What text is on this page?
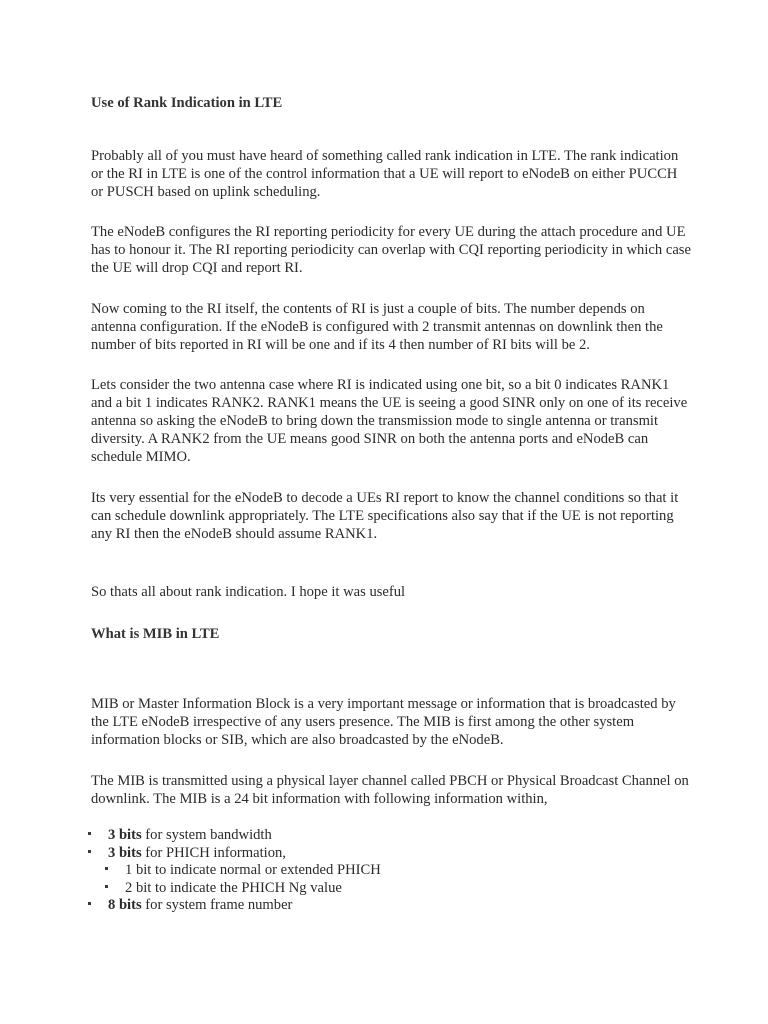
Use of Rank Indication in LTE

Probably all of you must have heard of something called rank indication in LTE. The rank indication or the RI in LTE is one of the control information that a UE will report to eNodeB on either PUCCH or PUSCH based on uplink scheduling.

The eNodeB configures the RI reporting periodicity for every UE during the attach procedure and UE has to honour it. The RI reporting periodicity can overlap with CQI reporting periodicity in which case the UE will drop CQI and report RI.

Now coming to the RI itself, the contents of RI is just a couple of bits. The number depends on antenna configuration. If the eNodeB is configured with 2 transmit antennas on downlink then the number of bits reported in RI will be one and if its 4 then number of RI bits will be 2.

Lets consider the two antenna case where RI is indicated using one bit, so a bit 0 indicates RANK1 and a bit 1 indicates RANK2. RANK1 means the UE is seeing a good SINR only on one of its receive antenna so asking the eNodeB to bring down the transmission mode to single antenna or transmit diversity. A RANK2 from the UE means good SINR on both the antenna ports and eNodeB can schedule MIMO.

Its very essential for the eNodeB to decode a UEs RI report to know the channel conditions so that it can schedule downlink appropriately. The LTE specifications also say that if the UE is not reporting any RI then the eNodeB should assume RANK1.

So thats all about rank indication. I hope it was useful

What is MIB in LTE

MIB or Master Information Block is a very important message or information that is broadcasted by the LTE eNodeB irrespective of any users presence. The MIB is first among the other system information blocks or SIB, which are also broadcasted by the eNodeB.

The MIB is transmitted using a physical layer channel called PBCH or Physical Broadcast Channel on downlink. The MIB is a 24 bit information with following information within,

3 bits for system bandwidth
3 bits for PHICH information,
1 bit to indicate normal or extended PHICH
2 bit to indicate the PHICH Ng value
8 bits for system frame number
